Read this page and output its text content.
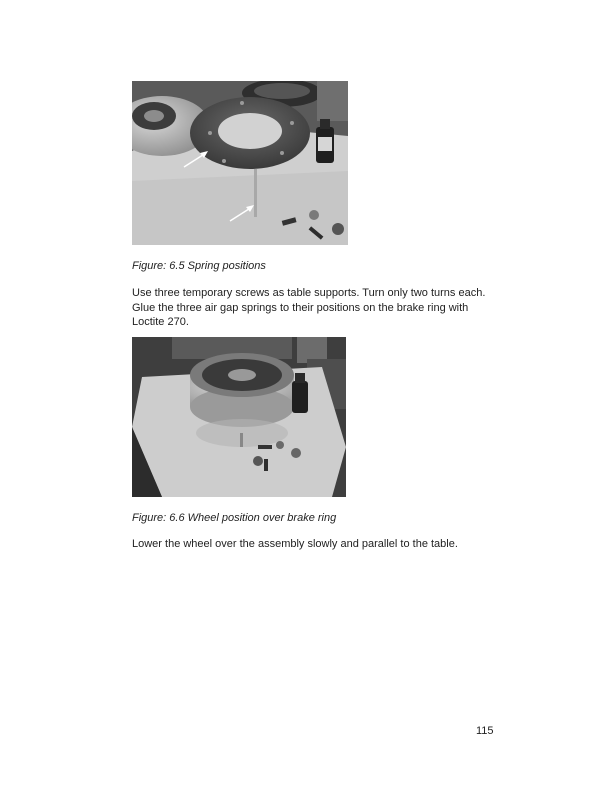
Figure: 6.5 Spring positions
Use three temporary screws as table supports. Turn only two turns each.
Glue the three air gap springs to their positions on the brake ring with
Loctite 270.
Figure: 6.6 Wheel position over brake ring
Lower the wheel over the assembly slowly and parallel to the table.
115
